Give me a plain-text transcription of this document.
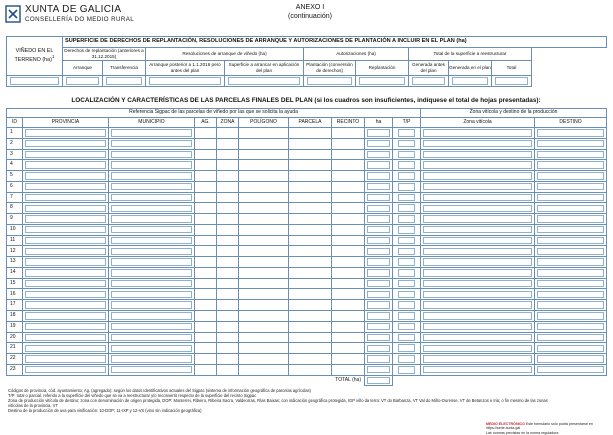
XUNTA DE GALICIA
CONSELLERÍA DO MEDIO RURAL
ANEXO I
(continuación)
VIÑEDO EN EL TERRENO (ha)$^1$	SUPERFICIE DE DERECHOS DE REPLANTACIÓN, RESOLUCIONES DE ARRANQUE Y AUTORIZACIONES DE PLANTACIÓN A INCLUIR EN EL PLAN (ha)								
	Derechos de replantación (anteriores a 31.12.2015)		Resoluciones de arranque de viñedo (ha)		Autorizaciones (ha)		Total de la superficie a reestructurar	
	Arranque	Transferencia	Arranque posterior a 1.1.2016 pero antes del plan	Superficie a arrancar en aplicación del plan	Plantación (conversión de derechos)	Replantación	Generada antes del plan	Generada en el plan	Total

LOCALIZACIÓN Y CARACTERÍSTICAS DE LAS PARCELAS FINALES DEL PLAN (si los cuadros son insuficientes, indíquese el total de hojas presentadas):
Referencia Sigpac de las parcelas de viñedo por las que se solicita la ayuda										Zona vitícola y destino de la producción	
ID	PROVINCIA	MUNICIPIO	AG.	ZONA	POLÍGONO	PARCELA	RECINTO	ha	T/P	Zona vitícola	DESTINO
1	

2	

3	

4	

5	

6	

7	

8	

9	

10	

11	

12	

13	

14	

15	

16	

17	

18	

19	

20	

21	

22	

23	

TOTAL (ha)										

Códigos de provincia, cód. ayuntamiento, Ag. (agregado): según los datos identificativos actuales del Sigpac (sistema de información geográfica de parcelas agrícolas)
T/P: total o parcial, referido a la superficie del viñedo que se va a reestructurar y/o reconvertir respecto de la superficie del recinto Sigpac
Zona de producción vitícola de destino: zona con denominación de origen protegida, DOP: Monterrei, Ribeiro, Ribeira Sacra, Valdeorras, Rías Baixas; con indicación geográfica protegida, IGP viño da terra: VT do Barbanza, VT Val do Miño-Ourense, VT de Betanzos e Iria; o fin mesmo de las zonas vitícolas de la provincia, VT
Destino de la producción de uva para vinificación: 10-DOP; 11-IXP y 12-VS (vino sin indicación geográfica)
MEDIO ELECTRÓNICO Este formulario sólo podrá presentarse en https://sede.xunta.gal
Las normas previstas en la norma reguladora
